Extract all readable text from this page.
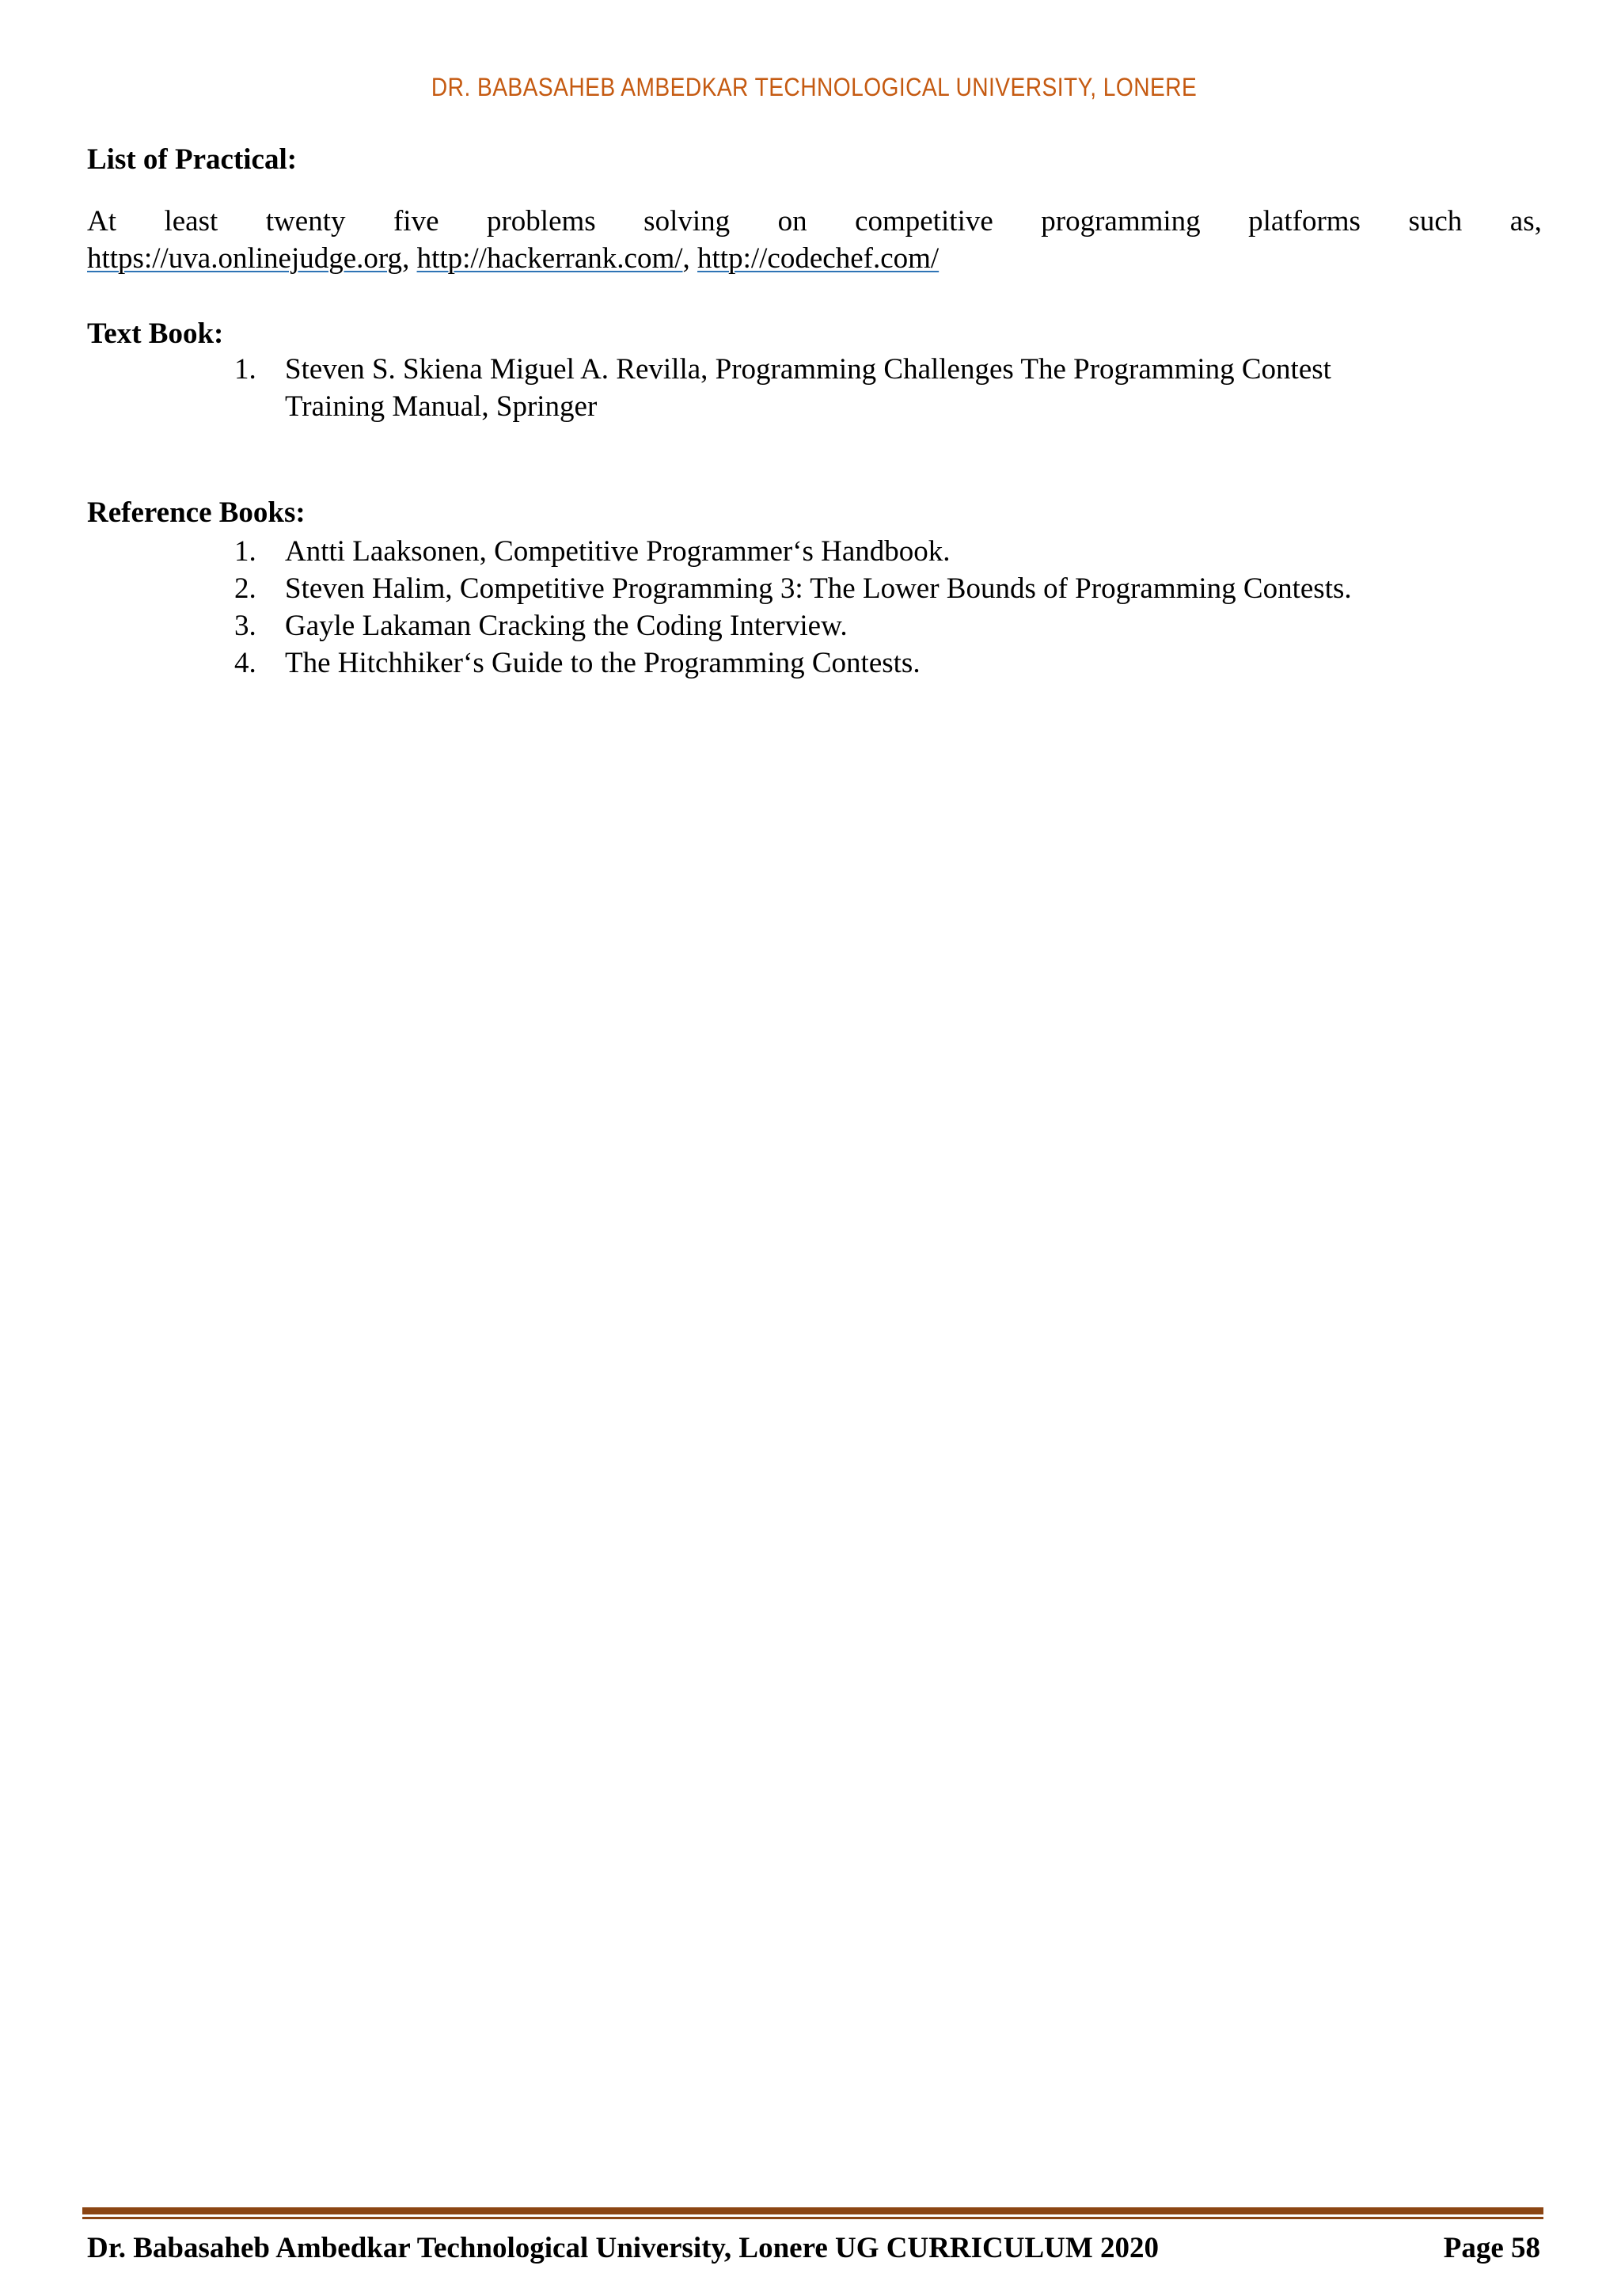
DR. BABASAHEB AMBEDKAR TECHNOLOGICAL UNIVERSITY, LONERE
List of Practical:
At least twenty five problems solving on competitive programming platforms such as,
https://uva.onlinejudge.org, http://hackerrank.com/, http://codechef.com/
Text Book:
1. Steven S. Skiena Miguel A. Revilla, Programming Challenges The Programming Contest
Training Manual, Springer
Reference Books:
1. Antti Laaksonen, Competitive Programmer‘s Handbook.
2. Steven Halim, Competitive Programming 3: The Lower Bounds of Programming Contests.
3. Gayle Lakaman Cracking the Coding Interview.
4. The Hitchhiker‘s Guide to the Programming Contests.
Dr. Babasaheb Ambedkar Technological University, Lonere UG CURRICULUM 2020	Page 58
